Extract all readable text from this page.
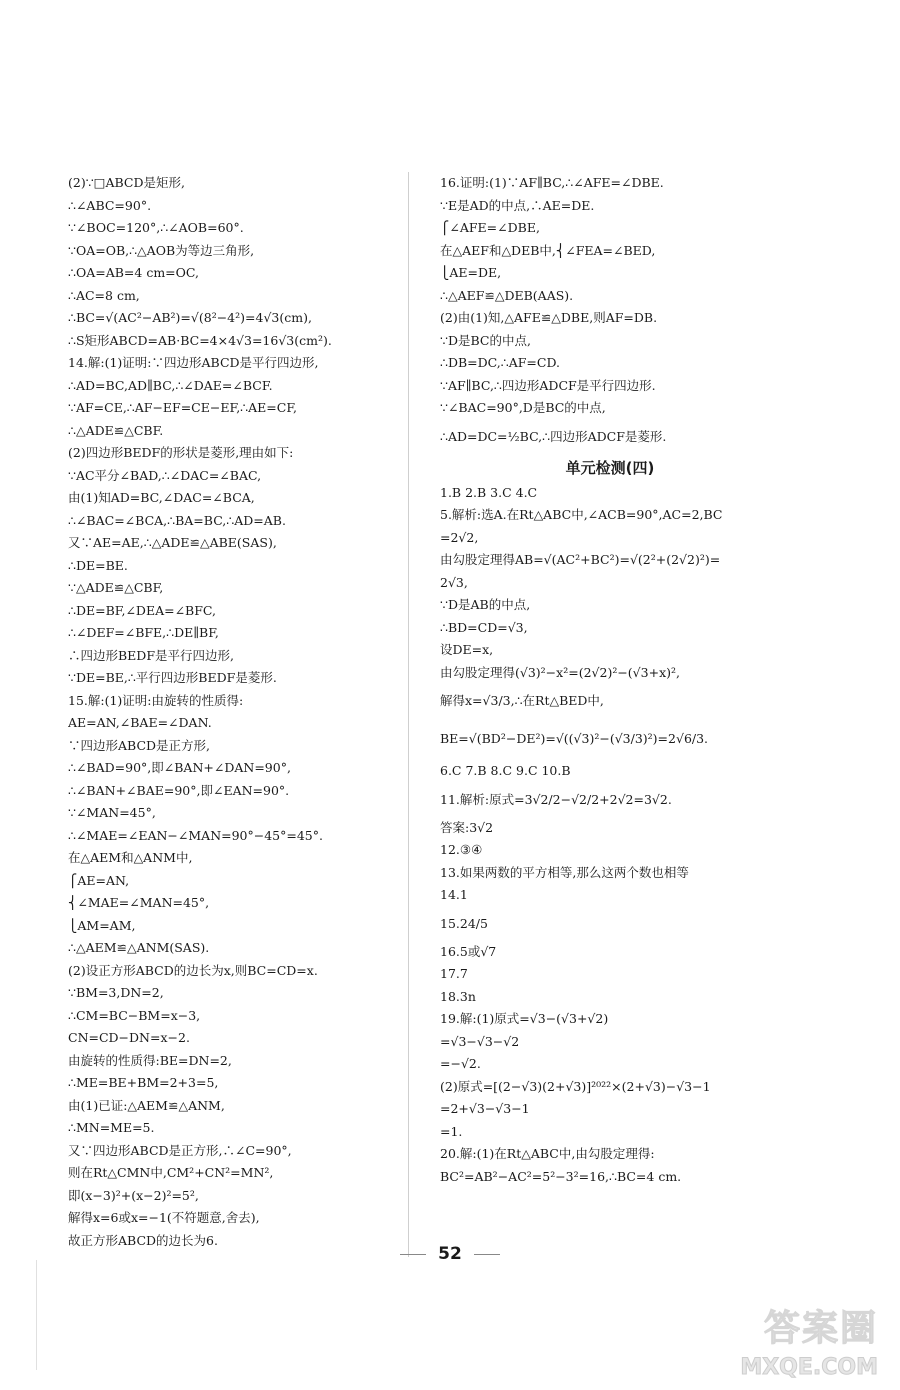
(2)∵□ABCD是矩形,
∴∠ABC=90°.
∵∠BOC=120°,∴∠AOB=60°.
∵OA=OB,∴△AOB为等边三角形,
∴OA=AB=4 cm=OC,
∴AC=8 cm,
∴BC=√(AC²−AB²)=√(8²−4²)=4√3(cm),
∴S矩形ABCD=AB·BC=4×4√3=16√3(cm²).
14.解:(1)证明:∵四边形ABCD是平行四边形,
∴AD=BC,AD∥BC,∴∠DAE=∠BCF.
∵AF=CE,∴AF−EF=CE−EF,∴AE=CF,
∴△ADE≌△CBF.
(2)四边形BEDF的形状是菱形,理由如下:
∵AC平分∠BAD,∴∠DAC=∠BAC,
由(1)知AD=BC,∠DAC=∠BCA,
∴∠BAC=∠BCA,∴BA=BC,∴AD=AB.
又∵AE=AE,∴△ADE≌△ABE(SAS),
∴DE=BE.
∵△ADE≌△CBF,
∴DE=BF,∠DEA=∠BFC,
∴∠DEF=∠BFE,∴DE∥BF,
∴四边形BEDF是平行四边形,
∵DE=BE,∴平行四边形BEDF是菱形.
15.解:(1)证明:由旋转的性质得:
AE=AN,∠BAE=∠DAN.
∵四边形ABCD是正方形,
∴∠BAD=90°,即∠BAN+∠DAN=90°,
∴∠BAN+∠BAE=90°,即∠EAN=90°.
∵∠MAN=45°,
∴∠MAE=∠EAN−∠MAN=90°−45°=45°.
在△AEM和△ANM中,
⎧AE=AN,
⎨∠MAE=∠MAN=45°,
⎩AM=AM,
∴△AEM≌△ANM(SAS).
(2)设正方形ABCD的边长为x,则BC=CD=x.
∵BM=3,DN=2,
∴CM=BC−BM=x−3,
CN=CD−DN=x−2.
由旋转的性质得:BE=DN=2,
∴ME=BE+BM=2+3=5,
由(1)已证:△AEM≌△ANM,
∴MN=ME=5.
又∵四边形ABCD是正方形,∴∠C=90°,
则在Rt△CMN中,CM²+CN²=MN²,
即(x−3)²+(x−2)²=5²,
解得x=6或x=−1(不符题意,舍去),
故正方形ABCD的边长为6.
16.证明:(1)∵AF∥BC,∴∠AFE=∠DBE.
∵E是AD的中点,∴AE=DE.
⎧∠AFE=∠DBE,
在△AEF和△DEB中,⎨∠FEA=∠BED,
⎩AE=DE,
∴△AEF≌△DEB(AAS).
(2)由(1)知,△AFE≌△DBE,则AF=DB.
∵D是BC的中点,
∴DB=DC,∴AF=CD.
∵AF∥BC,∴四边形ADCF是平行四边形.
∵∠BAC=90°,D是BC的中点,
∴AD=DC=½BC,∴四边形ADCF是菱形.
单元检测(四)
1.B 2.B 3.C 4.C
5.解析:选A.在Rt△ABC中,∠ACB=90°,AC=2,BC
=2√2,
由勾股定理得AB=√(AC²+BC²)=√(2²+(2√2)²)=
2√3,
∵D是AB的中点,
∴BD=CD=√3,
设DE=x,
由勾股定理得(√3)²−x²=(2√2)²−(√3+x)²,
解得x=√3/3,∴在Rt△BED中,
BE=√(BD²−DE²)=√((√3)²−(√3/3)²)=2√6/3.
6.C 7.B 8.C 9.C 10.B
11.解析:原式=3√2/2−√2/2+2√2=3√2.
答案:3√2
12.③④
13.如果两数的平方相等,那么这两个数也相等
14.1
15.24/5
16.5或√7
17.7
18.3n
19.解:(1)原式=√3−(√3+√2)
=√3−√3−√2
=−√2.
(2)原式=[(2−√3)(2+√3)]²⁰²²×(2+√3)−√3−1
=2+√3−√3−1
=1.
20.解:(1)在Rt△ABC中,由勾股定理得:
BC²=AB²−AC²=5²−3²=16,∴BC=4 cm.
52
答案圈
MXQE.COM
